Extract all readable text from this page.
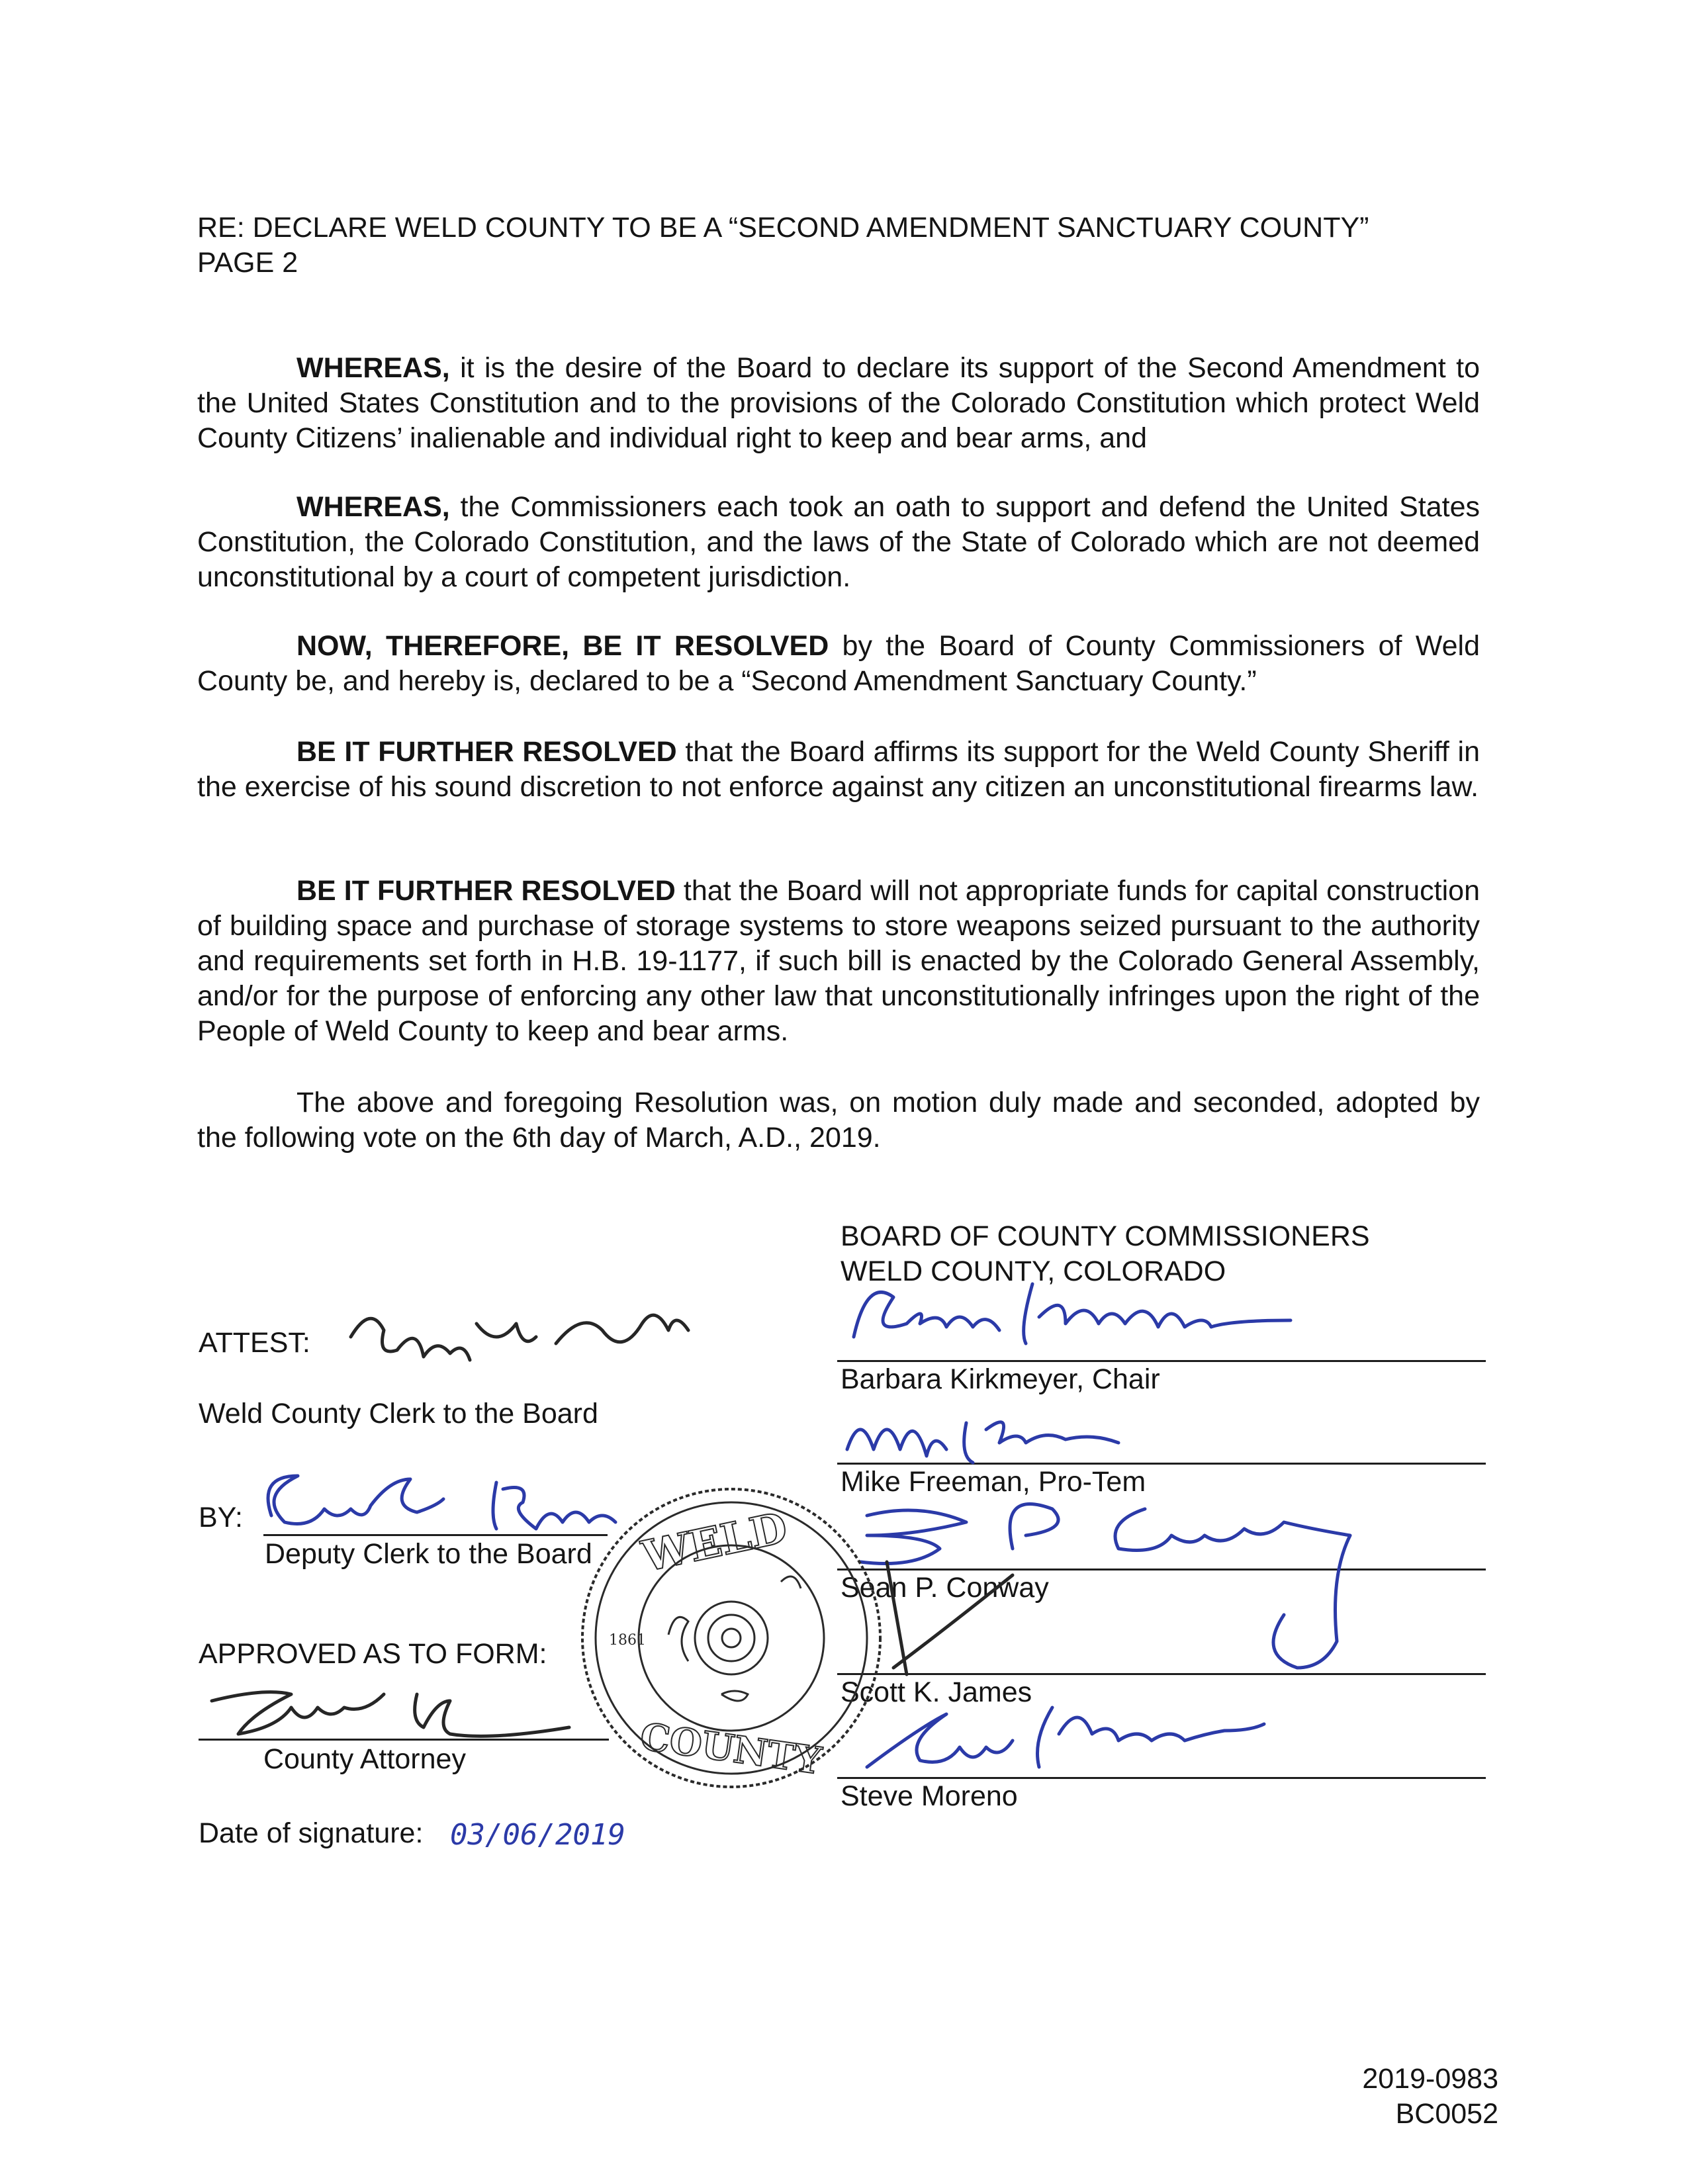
RE: DECLARE WELD COUNTY TO BE A “SECOND AMENDMENT SANCTUARY COUNTY”
PAGE 2
WHEREAS, it is the desire of the Board to declare its support of the Second Amendment to the United States Constitution and to the provisions of the Colorado Constitution which protect Weld County Citizens’ inalienable and individual right to keep and bear arms, and
WHEREAS, the Commissioners each took an oath to support and defend the United States Constitution, the Colorado Constitution, and the laws of the State of Colorado which are not deemed unconstitutional by a court of competent jurisdiction.
NOW, THEREFORE, BE IT RESOLVED by the Board of County Commissioners of Weld County be, and hereby is, declared to be a “Second Amendment Sanctuary County.”
BE IT FURTHER RESOLVED that the Board affirms its support for the Weld County Sheriff in the exercise of his sound discretion to not enforce against any citizen an unconstitutional firearms law.
BE IT FURTHER RESOLVED that the Board will not appropriate funds for capital construction of building space and purchase of storage systems to store weapons seized pursuant to the authority and requirements set forth in H.B. 19-1177, if such bill is enacted by the Colorado General Assembly, and/or for the purpose of enforcing any other law that unconstitutionally infringes upon the right of the People of Weld County to keep and bear arms.
The above and foregoing Resolution was, on motion duly made and seconded, adopted by the following vote on the 6th day of March, A.D., 2019.
BOARD OF COUNTY COMMISSIONERS
WELD COUNTY, COLORADO
Barbara Kirkmeyer, Chair
Mike Freeman, Pro-Tem
Sean P. Conway
Scott K. James
Steve Moreno
ATTEST:
Weld County Clerk to the Board
BY:
Deputy Clerk to the Board
APPROVED AS TO FORM:
County Attorney
Date of signature: 03/06/2019
WELD
COUNTY
1861
2019-0983
BC0052
